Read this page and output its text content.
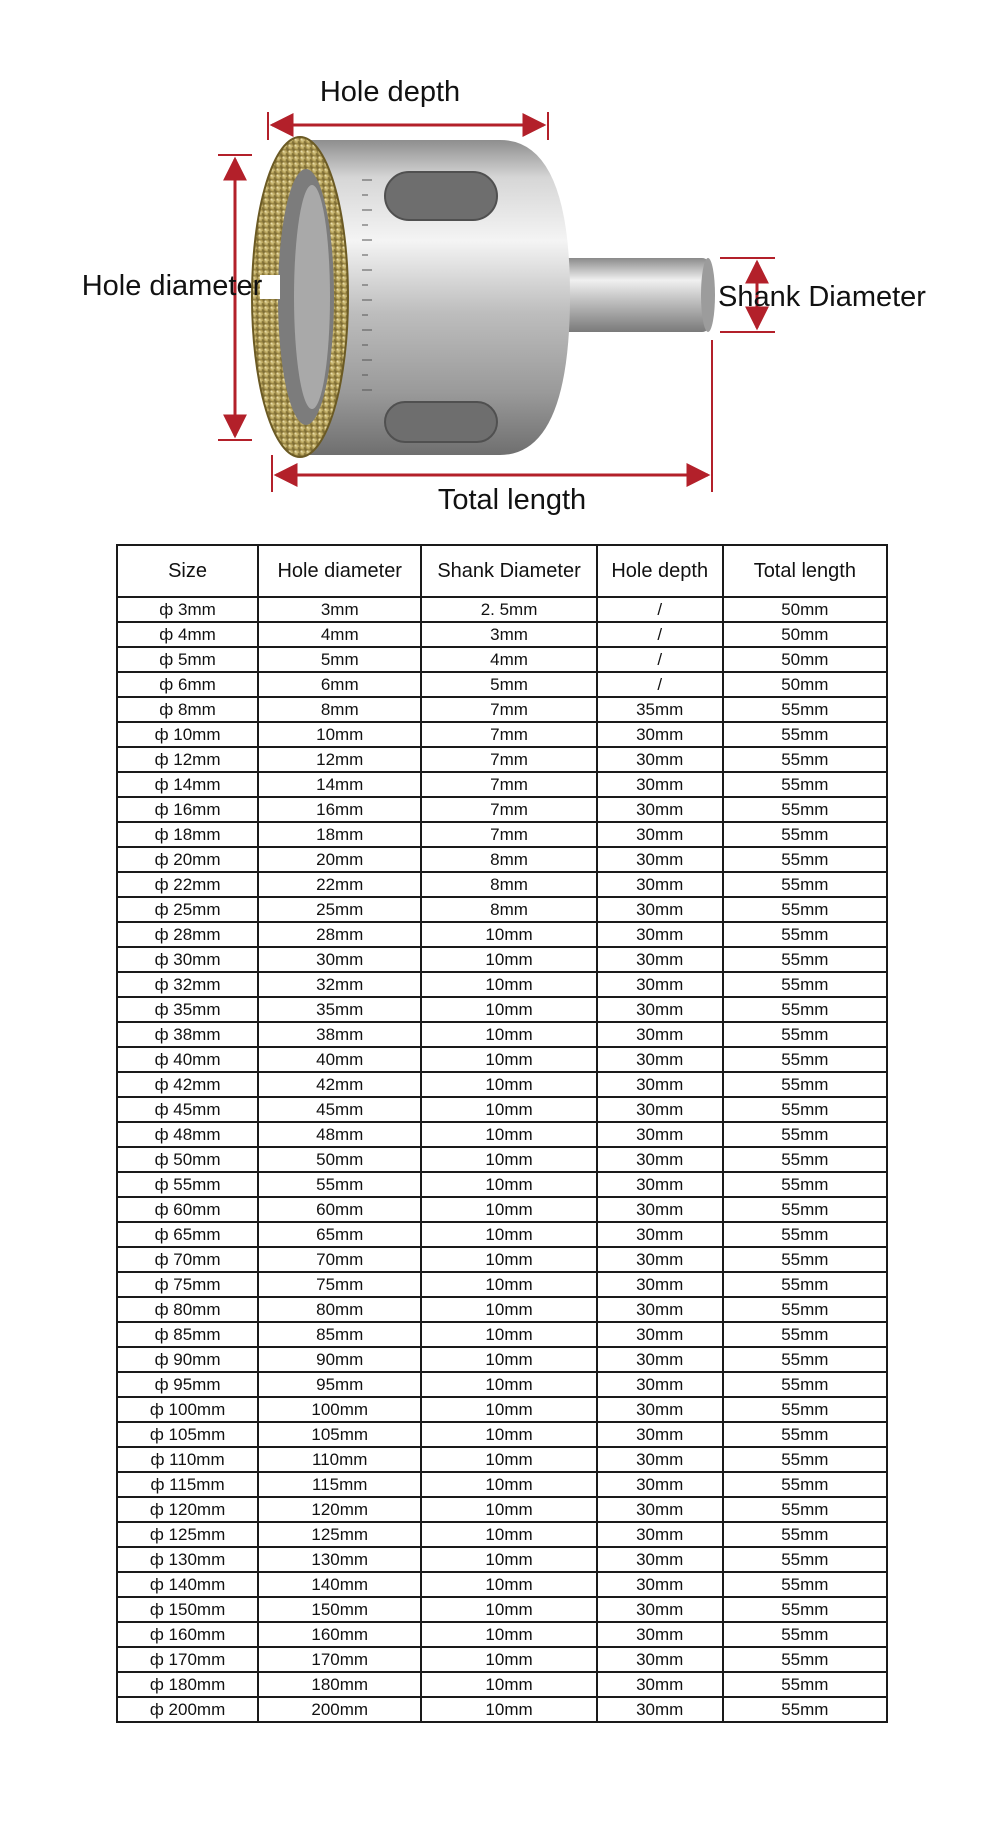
Hole depth
Hole diameter	Shank Diameter
Total length
Size	Hole diameter	Shank Diameter	Hole depth	Total length
ф 3mm	3mm	2. 5mm	/	50mm
ф 4mm	4mm	3mm	/	50mm
ф 5mm	5mm	4mm	/	50mm
ф 6mm	6mm	5mm	/	50mm
ф 8mm	8mm	7mm	35mm	55mm
ф 10mm	10mm	7mm	30mm	55mm
ф 12mm	12mm	7mm	30mm	55mm
ф 14mm	14mm	7mm	30mm	55mm
ф 16mm	16mm	7mm	30mm	55mm
ф 18mm	18mm	7mm	30mm	55mm
ф 20mm	20mm	8mm	30mm	55mm
ф 22mm	22mm	8mm	30mm	55mm
ф 25mm	25mm	8mm	30mm	55mm
ф 28mm	28mm	10mm	30mm	55mm
ф 30mm	30mm	10mm	30mm	55mm
ф 32mm	32mm	10mm	30mm	55mm
ф 35mm	35mm	10mm	30mm	55mm
ф 38mm	38mm	10mm	30mm	55mm
ф 40mm	40mm	10mm	30mm	55mm
ф 42mm	42mm	10mm	30mm	55mm
ф 45mm	45mm	10mm	30mm	55mm
ф 48mm	48mm	10mm	30mm	55mm
ф 50mm	50mm	10mm	30mm	55mm
ф 55mm	55mm	10mm	30mm	55mm
ф 60mm	60mm	10mm	30mm	55mm
ф 65mm	65mm	10mm	30mm	55mm
ф 70mm	70mm	10mm	30mm	55mm
ф 75mm	75mm	10mm	30mm	55mm
ф 80mm	80mm	10mm	30mm	55mm
ф 85mm	85mm	10mm	30mm	55mm
ф 90mm	90mm	10mm	30mm	55mm
ф 95mm	95mm	10mm	30mm	55mm
ф 100mm	100mm	10mm	30mm	55mm
ф 105mm	105mm	10mm	30mm	55mm
ф 110mm	110mm	10mm	30mm	55mm
ф 115mm	115mm	10mm	30mm	55mm
ф 120mm	120mm	10mm	30mm	55mm
ф 125mm	125mm	10mm	30mm	55mm
ф 130mm	130mm	10mm	30mm	55mm
ф 140mm	140mm	10mm	30mm	55mm
ф 150mm	150mm	10mm	30mm	55mm
ф 160mm	160mm	10mm	30mm	55mm
ф 170mm	170mm	10mm	30mm	55mm
ф 180mm	180mm	10mm	30mm	55mm
ф 200mm	200mm	10mm	30mm	55mm
